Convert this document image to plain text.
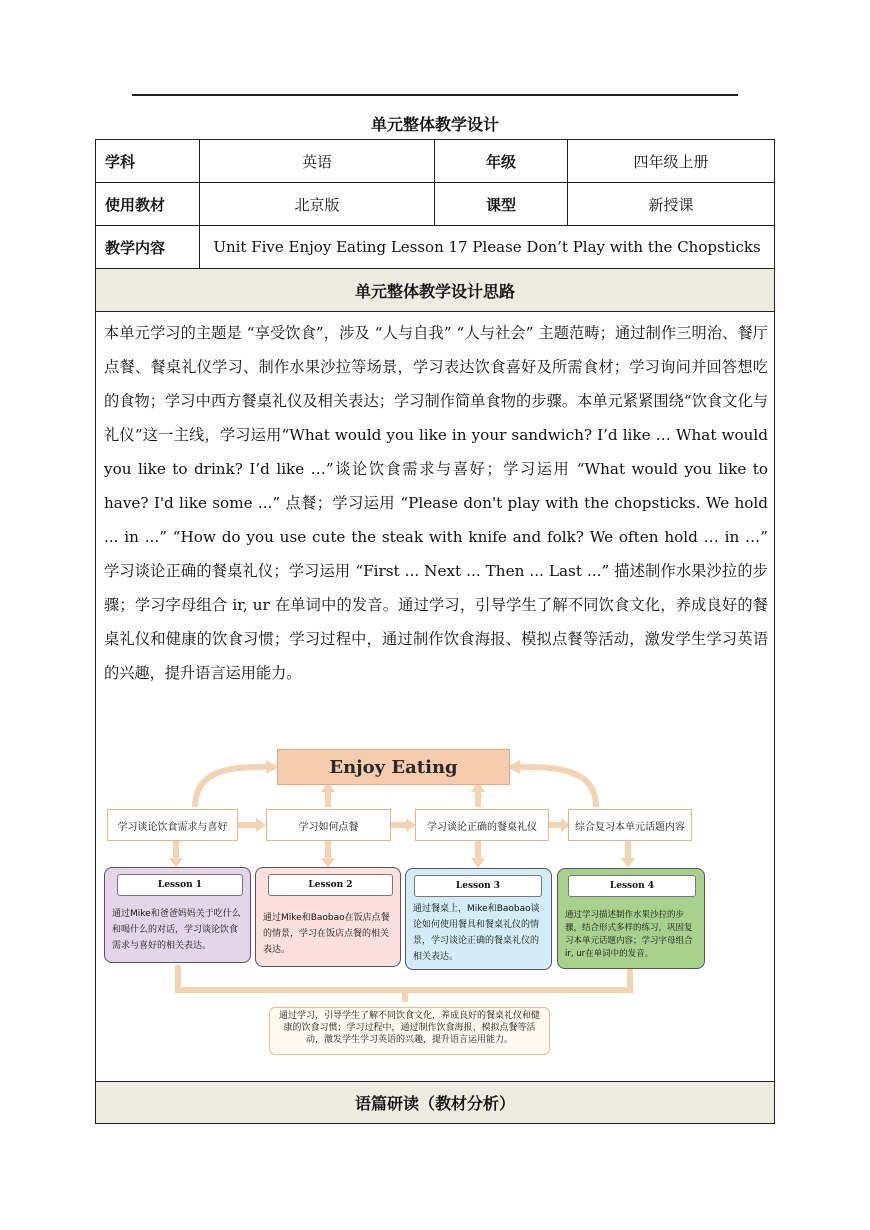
单元整体教学设计
学科	英语	年级	四年级上册
使用教材	北京版	课型	新授课
教学内容	Unit Five Enjoy Eating Lesson 17 Please Don’t Play with the Chopsticks
单元整体教学设计思路
本单元学习的主题是 “享受饮食”，涉及 “人与自我” “人与社会” 主题范畴；通过制作三明治、餐厅点餐、餐桌礼仪学习、制作水果沙拉等场景，学习表达饮食喜好及所需食材；学习询问并回答想吃的食物；学习中西方餐桌礼仪及相关表达；学习制作简单食物的步骤。本单元紧紧围绕“饮食文化与礼仪”这一主线，学习运用“What would you like in your sandwich? I’d like … What would you like to drink? I’d like …”谈论饮食需求与喜好；学习运用 “What would you like to have? I'd like some ...” 点餐；学习运用 “Please don't play with the chopsticks. We hold ... in ...” “How do you use cute the steak with knife and folk? We often hold … in …” 学习谈论正确的餐桌礼仪；学习运用 “First ... Next ... Then ... Last ...” 描述制作水果沙拉的步骤；学习字母组合 ir, ur 在单词中的发音。通过学习，引导学生了解不同饮食文化，养成良好的餐桌礼仪和健康的饮食习惯；学习过程中，通过制作饮食海报、模拟点餐等活动，激发学生学习英语的兴趣，提升语言运用能力。
语篇研读（教材分析）
Enjoy Eating
学习谈论饮食需求与喜好	学习如何点餐	学习谈论正确的餐桌礼仪	综合复习本单元话题内容
Lesson 1
通过Mike和爸爸妈妈关于吃什么和喝什么的对话，学习谈论饮食需求与喜好的相关表达。
Lesson 2
通过Mike和Baobao在饭店点餐的情景，学习在饭店点餐的相关表达。
Lesson 3
通过餐桌上，Mike和Baobao谈论如何使用餐具和餐桌礼仪的情景，学习谈论正确的餐桌礼仪的相关表达。
Lesson 4
通过学习描述制作水果沙拉的步骤，结合形式多样的练习，巩固复习本单元话题内容；学习字母组合ir, ur在单词中的发音。
通过学习，引导学生了解不同饮食文化，养成良好的餐桌礼仪和健康的饮食习惯；学习过程中，通过制作饮食海报、模拟点餐等活动，激发学生学习英语的兴趣，提升语言运用能力。
